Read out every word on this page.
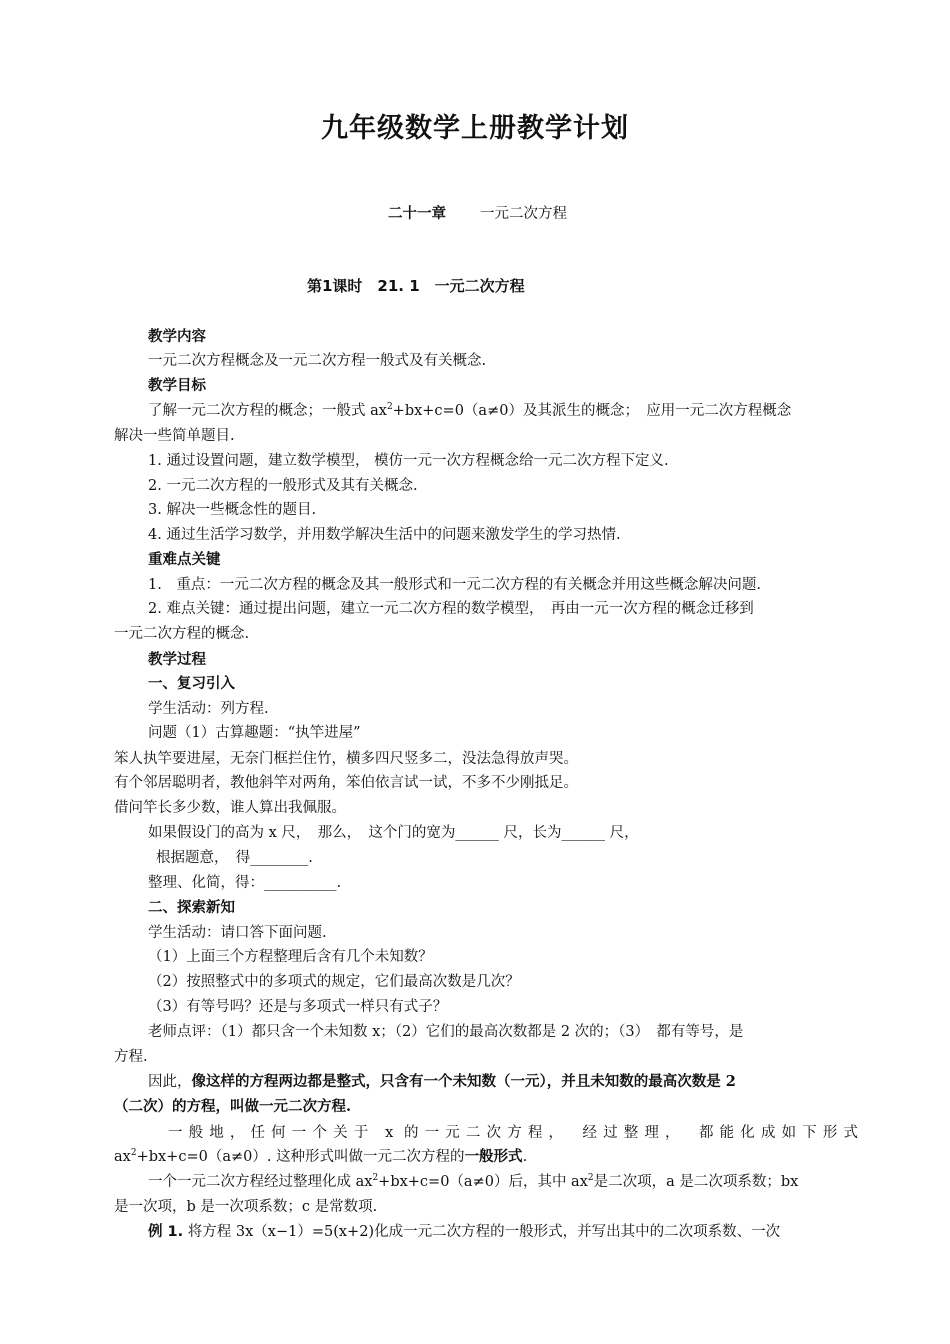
九年级数学上册教学计划
二十一章 一元二次方程
第1课时　21. 1　一元二次方程
教学内容
一元二次方程概念及一元二次方程一般式及有关概念.
教学目标
了解一元二次方程的概念；一般式 $ax^2+bx+c=0(a\ne 0)$及其派生的概念；　应用一元二次方程概念
解决一些简单题目.
1. 通过设置问题，建立数学模型， 模仿一元一次方程概念给一元二次方程下定义.
2. 一元二次方程的一般形式及其有关概念.
3. 解决一些概念性的题目.
4. 通过生活学习数学，并用数学解决生活中的问题来激发学生的学习热情.
重难点关键
1.　重点：一元二次方程的概念及其一般形式和一元二次方程的有关概念并用这些概念解决问题.
2. 难点关键：通过提出问题，建立一元二次方程的数学模型，　再由一元一次方程的概念迁移到
一元二次方程的概念.
教学过程
一、复习引入
学生活动：列方程.
问题（1）古算趣题：“执竿进屋”
笨人执竿要进屋，无奈门框拦住竹，横多四尺竖多二，没法急得放声哭。
有个邻居聪明者，教他斜竿对两角，笨伯依言试一试，不多不少刚抵足。
借问竿长多少数，谁人算出我佩服。
如果假设门的高为 x 尺，　那么，　这个门的宽为______ 尺，长为______ 尺，
根据题意，　得________.
整理、化简，得：__________.
二、探索新知
学生活动：请口答下面问题.
（1）上面三个方程整理后含有几个未知数？
（2）按照整式中的多项式的规定，它们最高次数是几次？
（3）有等号吗？还是与多项式一样只有式子？
老师点评：（1）都只含一个未知数 x；（2）它们的最高次数都是 2 次的；（3）　都有等号，是
方程.
因此，像这样的方程两边都是整式，只含有一个未知数（一元），并且未知数的最高次数是 2
（二次）的方程，叫做一元二次方程.
一般地，任何一个关于 x 的一元二次方程，　经过整理，　都能化成如下形式
$ax^2+bx+c=0(a\ne 0)$. 这种形式叫做一元二次方程的一般形式.
一个一元二次方程经过整理化成 $ax^2+bx+c=0(a\ne 0)$后，其中 $ax^2$是二次项，a 是二次项系数；bx
是一次项，b 是一次项系数；c 是常数项.
例 1. 将方程 3x（x−1）=5(x+2)化成一元二次方程的一般形式，并写出其中的二次项系数、一次
